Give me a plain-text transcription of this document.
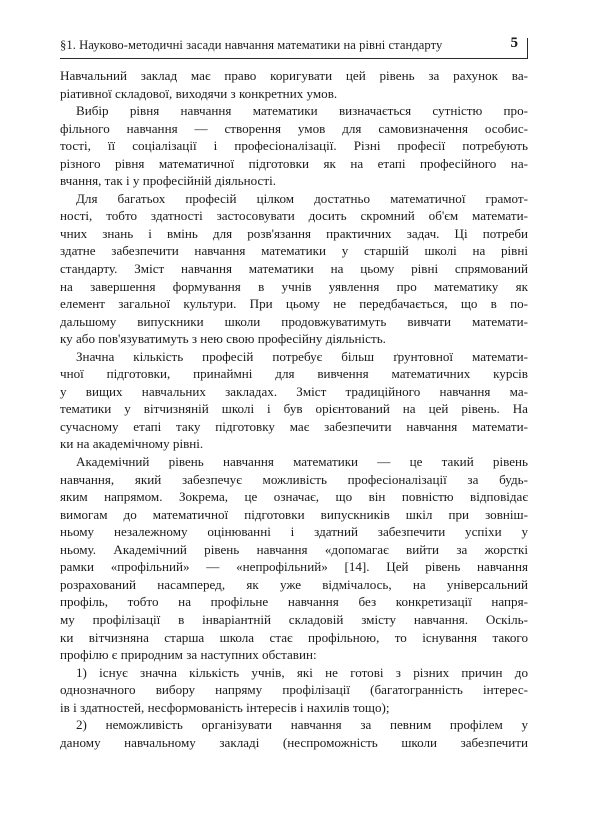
§1. Науково-методичні засади навчання математики на рівні стандарту	5
Навчальний заклад має право коригувати цей рівень за рахунок ва-
ріативної складової, виходячи з конкретних умов.
Вибір рівня навчання математики визначається сутністю про-
фільного навчання — створення умов для самовизначення особис-
тості, її соціалізації і професіоналізації. Різні професії потребують
різного рівня математичної підготовки як на етапі професійного на-
вчання, так і у професійній діяльності.
Для багатьох професій цілком достатньо математичної грамот-
ності, тобто здатності застосовувати досить скромний об'єм математи-
чних знань і вмінь для розв'язання практичних задач. Ці потреби
здатне забезпечити навчання математики у старшій школі на рівні
стандарту. Зміст навчання математики на цьому рівні спрямований
на завершення формування в учнів уявлення про математику як
елемент загальної культури. При цьому не передбачається, що в по-
дальшому випускники школи продовжуватимуть вивчати математи-
ку або пов'язуватимуть з нею свою професійну діяльність.
Значна кількість професій потребує більш ґрунтовної математи-
чної підготовки, принаймні для вивчення математичних курсів
у вищих навчальних закладах. Зміст традиційного навчання ма-
тематики у вітчизняній школі і був орієнтований на цей рівень. На
сучасному етапі таку підготовку має забезпечити навчання математи-
ки на академічному рівні.
Академічний рівень навчання математики — це такий рівень
навчання, який забезпечує можливість професіоналізації за будь-
яким напрямом. Зокрема, це означає, що він повністю відповідає
вимогам до математичної підготовки випускників шкіл при зовніш-
ньому незалежному оцінюванні і здатний забезпечити успіхи у
ньому. Академічний рівень навчання «допомагає вийти за жорсткі
рамки «профільний» — «непрофільний» [14]. Цей рівень навчання
розрахований насамперед, як уже відмічалось, на універсальний
профіль, тобто на профільне навчання без конкретизації напря-
му профілізації в інваріантній складовій змісту навчання. Оскіль-
ки вітчизняна старша школа стає профільною, то існування такого
профілю є природним за наступних обставин:
1) існує значна кількість учнів, які не готові з різних причин до
однозначного вибору напряму профілізації (багатогранність інтерес-
ів і здатностей, несформованість інтересів і нахилів тощо);
2) неможливість організувати навчання за певним профілем у
даному навчальному закладі (неспроможність школи забезпечити
